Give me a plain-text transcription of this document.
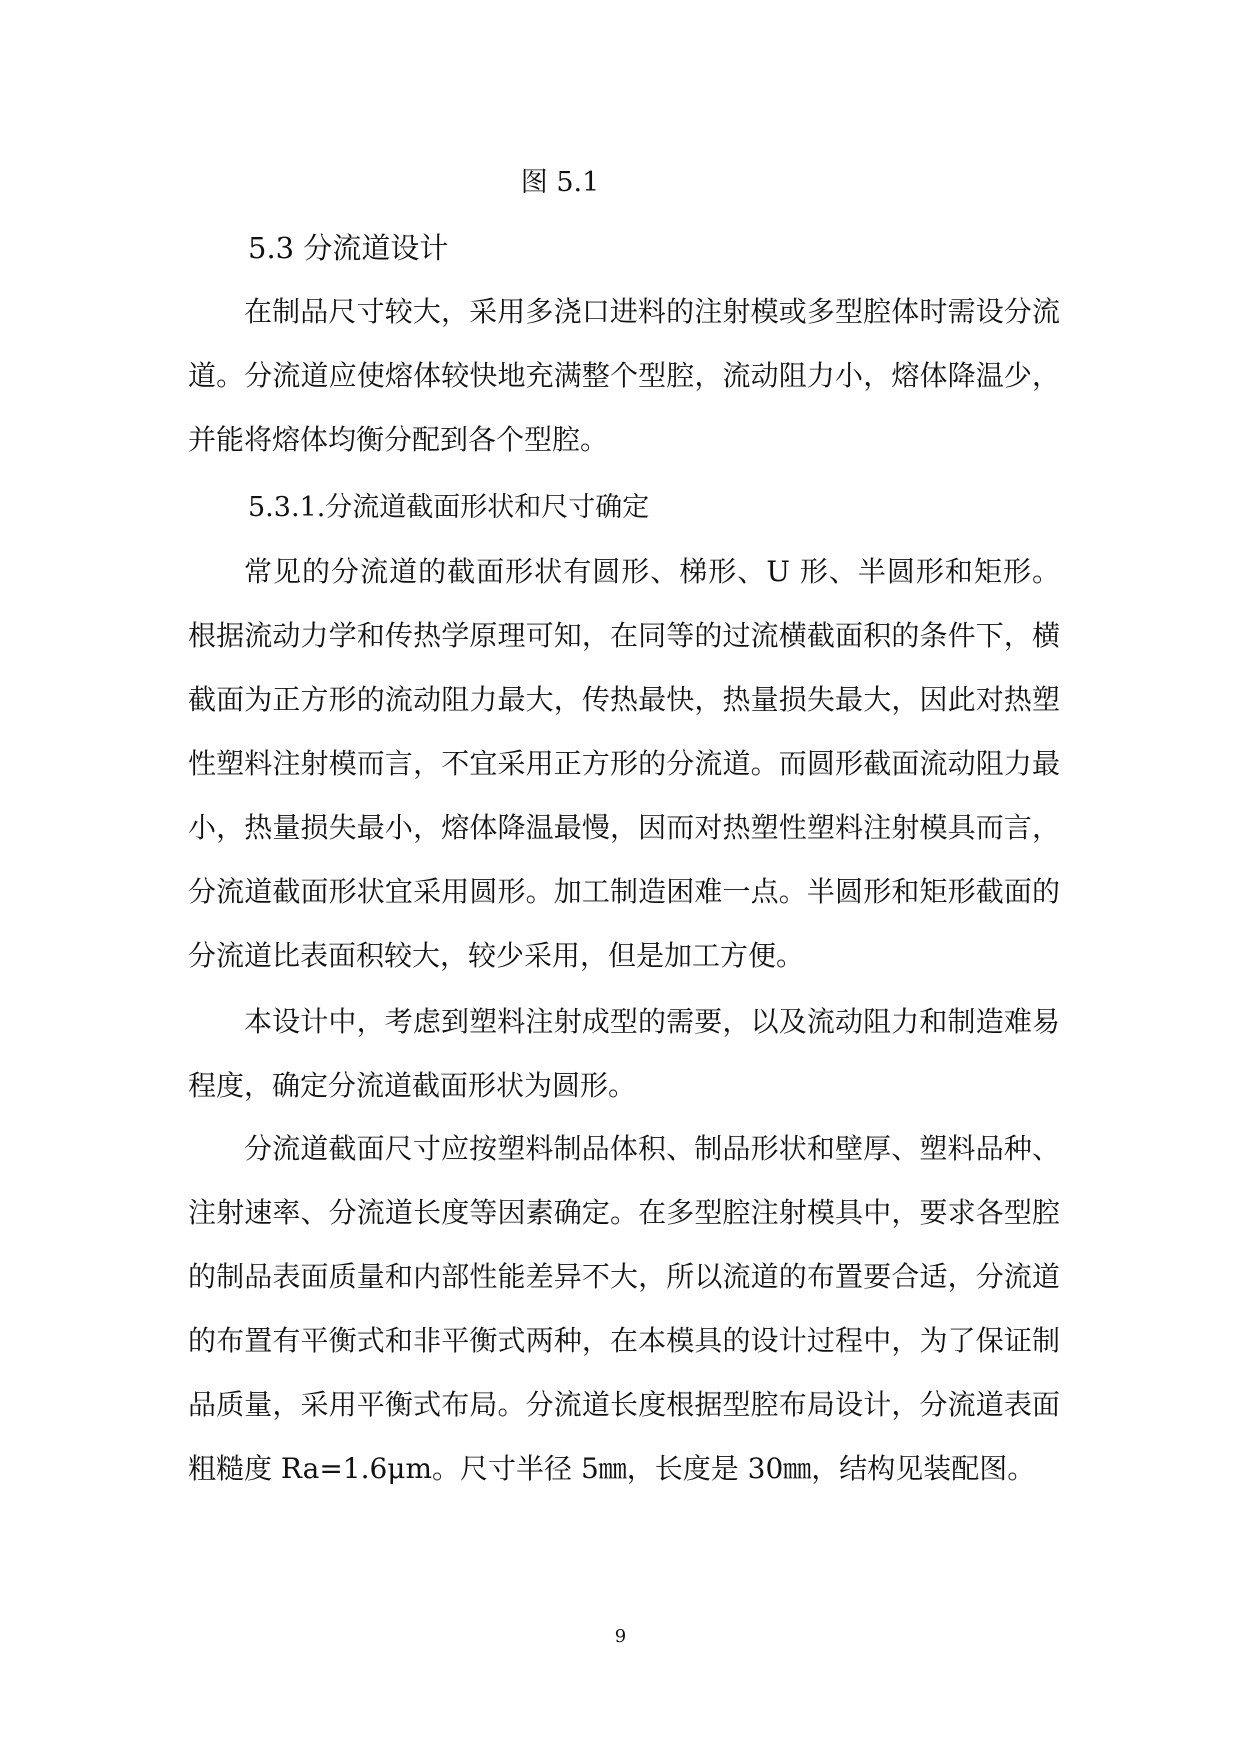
图 5.1
5.3 分流道设计

在制品尺寸较大，采用多浇口进料的注射模或多型腔体时需设分流道。分流道应使熔体较快地充满整个型腔，流动阻力小，熔体降温少，并能将熔体均衡分配到各个型腔。

5.3.1.分流道截面形状和尺寸确定

常见的分流道的截面形状有圆形、梯形、U 形、半圆形和矩形。根据流动力学和传热学原理可知，在同等的过流横截面积的条件下，横截面为正方形的流动阻力最大，传热最快，热量损失最大，因此对热塑性塑料注射模而言，不宜采用正方形的分流道。而圆形截面流动阻力最小，热量损失最小，熔体降温最慢，因而对热塑性塑料注射模具而言，分流道截面形状宜采用圆形。加工制造困难一点。半圆形和矩形截面的分流道比表面积较大，较少采用，但是加工方便。

本设计中，考虑到塑料注射成型的需要，以及流动阻力和制造难易程度，确定分流道截面形状为圆形。

分流道截面尺寸应按塑料制品体积、制品形状和壁厚、塑料品种、注射速率、分流道长度等因素确定。在多型腔注射模具中，要求各型腔的制品表面质量和内部性能差异不大，所以流道的布置要合适，分流道的布置有平衡式和非平衡式两种，在本模具的设计过程中，为了保证制品质量，采用平衡式布局。分流道长度根据型腔布局设计，分流道表面粗糙度 Ra=1.6μm。尺寸半径 5㎜，长度是 30㎜，结构见装配图。

9
